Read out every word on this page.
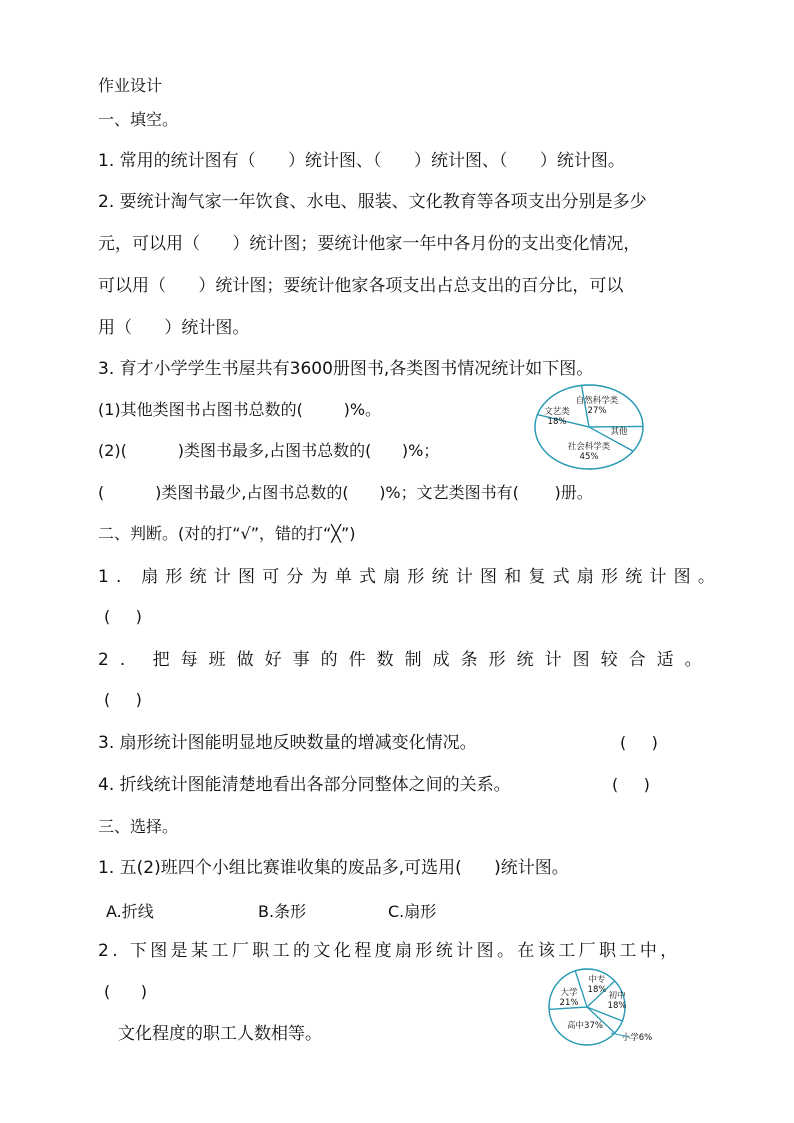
作业设计
一、填空。
1. 常用的统计图有（      ）统计图、（      ）统计图、（      ）统计图。
2. 要统计淘气家一年饮食、水电、服装、文化教育等各项支出分别是多少
元，可以用（      ）统计图；要统计他家一年中各月份的支出变化情况，
可以用（      ）统计图；要统计他家各项支出占总支出的百分比，可以
用（      ）统计图。
3. 育才小学学生书屋共有3600册图书,各类图书情况统计如下图。
(1)其他类图书占图书总数的(        )%。
(2)(          )类图书最多,占图书总数的(      )%；
(          )类图书最少,占图书总数的(      )%；文艺类图书有(       )册。
自然科学类
27%
其他
社会科学类
45%
文艺类
18%
二、判断。(对的打“√”，错的打“╳”)
1. 扇形统计图可分为单式扇形统计图和复式扇形统计图。
(     )
2. 把每班做好事的件数制成条形统计图较合适。
(     )
3. 扇形统计图能明显地反映数量的增减变化情况。	(     )
4. 折线统计图能清楚地看出各部分同整体之间的关系。	(     )
三、选择。
1. 五(2)班四个小组比赛谁收集的废品多,可选用(      )统计图。
A.折线	B.条形	C.扇形
2. 下图是某工厂职工的文化程度扇形统计图。在该工厂职工中，
(      )
文化程度的职工人数相等。
中专
18%
初中
18%
小学6%
高中37%
大学
21%
